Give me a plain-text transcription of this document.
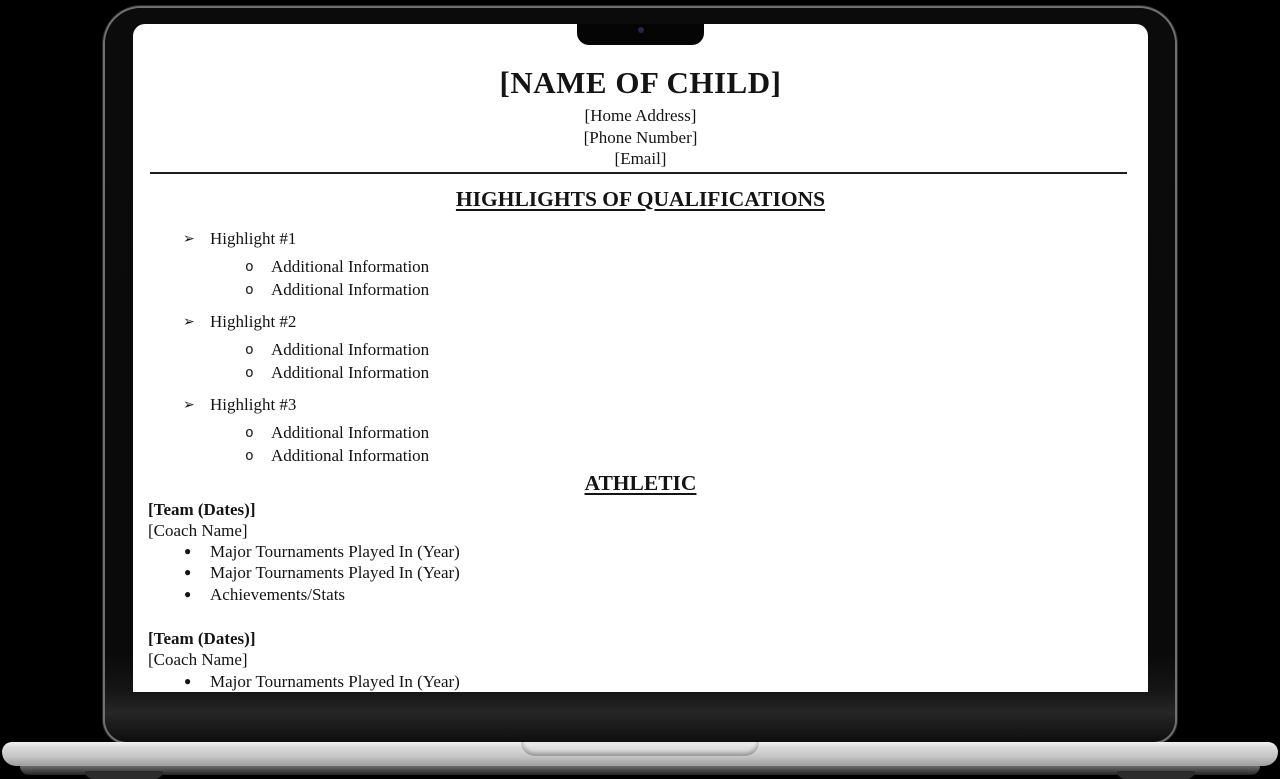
[NAME OF CHILD]
[Home Address]
[Phone Number]
[Email]
HIGHLIGHTS OF QUALIFICATIONS
➢ Highlight #1
o	Additional Information
o	Additional Information
➢ Highlight #2
o	Additional Information
o	Additional Information
➢ Highlight #3
o	Additional Information
o	Additional Information
ATHLETIC
[Team (Dates)]
[Coach Name]
●	Major Tournaments Played In (Year)
●	Major Tournaments Played In (Year)
●	Achievements/Stats
[Team (Dates)]
[Coach Name]
●	Major Tournaments Played In (Year)
